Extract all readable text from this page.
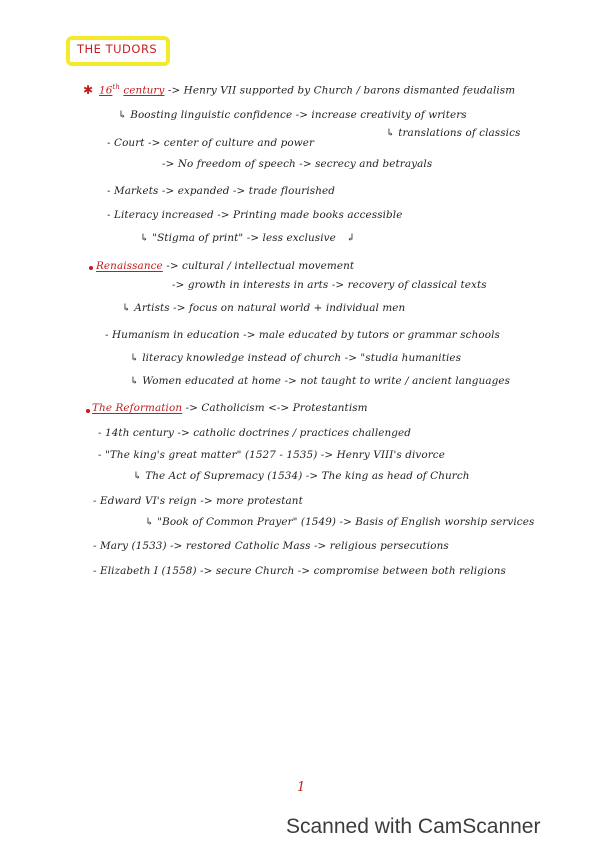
THE TUDORS
✱ 16th century -> Henry VII supported by Church / barons dismanted feudalism
↳ Boosting linguistic confidence -> increase creativity of writers
↳ translations of classics
- Court -> center of culture and power
-> No freedom of speech -> secrecy and betrayals
- Markets -> expanded -> trade flourished
- Literacy increased -> Printing made books accessible
↳ "Stigma of print" -> less exclusive ↲
Renaissance -> cultural / intellectual movement
-> growth in interests in arts -> recovery of classical texts
↳ Artists -> focus on natural world + individual men
- Humanism in education -> male educated by tutors or grammar schools
↳ literacy knowledge instead of church -> "studia humanities
↳ Women educated at home -> not taught to write / ancient languages
The Reformation -> Catholicism <-> Protestantism
- 14th century -> catholic doctrines / practices challenged
- "The king's great matter" (1527 - 1535) -> Henry VIII's divorce
↳ The Act of Supremacy (1534) -> The king as head of Church
- Edward VI's reign -> more protestant
↳ "Book of Common Prayer" (1549) -> Basis of English worship services
- Mary (1533) -> restored Catholic Mass -> religious persecutions
- Elizabeth I (1558) -> secure Church -> compromise between both religions
1
Scanned with CamScanner
